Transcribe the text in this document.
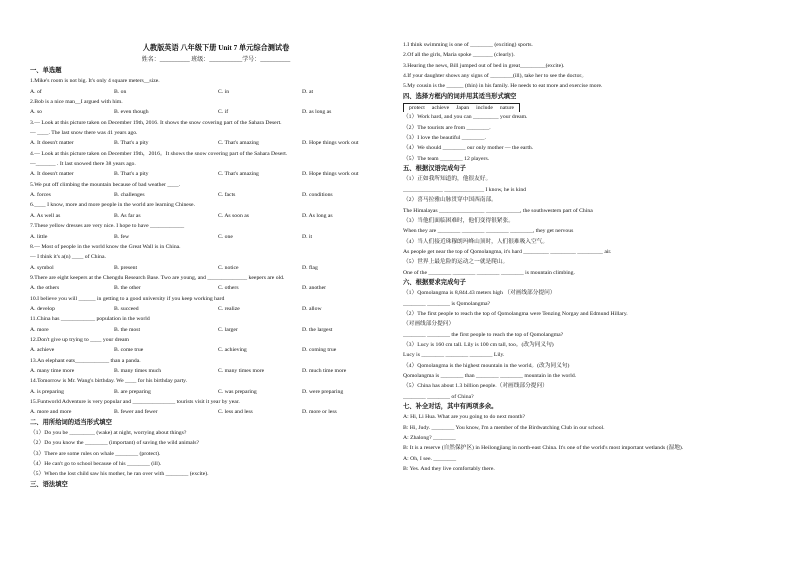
人教版英语 八年级下册 Unit 7 单元综合测试卷
姓名：__________ 班级：___________学号：__________
一、单选题
1.Mike's room is not big. It's only 4 square meters__size.
A. of	B. on	C. in	D. at
2.Bob is a nice man__I argued with him.
A. so	B. even though	C. if	D. as long as
3.— Look at this picture taken on December 19th, 2016. It shows the snow covering part of the Sahara Desert.
— ____. The last snow there was 41 years ago.
A. It doesn't matter	B. That's a pity	C. That's amazing	D. Hope things work out
4.— Look at this picture taken on December 19th，2016。It shows the snow covering part of the Sahara Desert.
—_______ . It last snowed there 38 years ago.
A. It doesn't matter	B. That's a pity	C. That's amazing	D. Hope things work out
5.We put off climbing the mountain because of bad weather ____.
A. forces	B. challenges	C. facts	D. conditions
6.____ I know, more and more people in the world are learning Chinese.
A. As well as	B. As far as	C. As soon as	D. As long as
7.These yellow dresses are very nice. I hope to have ____________
A. little	B. few	C. one	D. it
8.— Most of people in the world know the Great Wall is in China.
— I think it's a(n) ____ of China.
A. symbol	B. present	C. notice	D. flag
9.There are eight keepers at the Chengdu Research Base. Two are young, and ______________ keepers are old.
A. the others	B. the other	C. others	D. another
10.I believe you will ______ in getting to a good university if you keep working hard
A. develop	B. succeed	C. realize	D. allow
11.China has ____________ population in the world
A. more	B. the most	C. larger	D. the largest
12.Don't give up trying to ____ your dream
A. achieve	B. come true	C. achieving	D. coming true
13.An elephant eats____________ than a panda.
A. many time more	B. many times much	C. many times more	D. much time more
14.Tomorrow is Mr. Wang's birthday. We ____ for his birthday party.
A. is preparing	B. are preparing	C. was preparing	D. were preparing
15.Funtworld Adventure is very popular and _______________ tourists visit it year by year.
A. more and more	B. fewer and fewer	C. less and less	D. more or less
二、用所给词的适当形式填空
（1）Do you be _________ (wake) at night, worrying about things?
（2）Do you know the ________ (important) of saving the wild animals?
（3）There are some rules on whale ________ (protect).
（4）He can't go to school because of his ________ (ill).
（5）When the lost child saw his mother, he ran over with ________ (excite).
三、语法填空
1.I think swimming is one of ________ (exciting) sports.
2.Of all the girls, Maria spoke _______ (clearly).
3.Hearing the news, Bill jumped out of bed in great_________(excite).
4.If your daughter shows any signs of ________(ill), take her to see the doctor。
5.My cousin is the ______ (thin) in his family. He needs to eat more and exercise more.
四、选择方框内的词并用其适当形式填空
protect achieve Japan include nature
（1）Work hard, and you can _________ your dream.
（2）The tourists are from ________.
（3）I love the beautiful ________.
（4）We should ________ our only mother — the earth.
（5）The team ________ 12 players.
五、根据汉语完成句子
（1）正如我所知道的，他很友好。
______________ ______________ I know, he is kind
（2）喜马拉雅山脉贯穿中国西南部。
The Himalayas ________________ ____________, the southwestern part of China
（3）当他们面临困难时，他们变得很紧张。
When they are ________ ________ ________ ________, they get nervous
（4）当人们接近珠穆朗玛峰山顶时，人们很难吸入空气。
As people get near the top of Qomolangma, it's hard _________ _________ _________ air.
（5）世界上最危险的运动之一就是爬山。
One of the ________ ________ ________ ________ is mountain climbing.
六、根据要求完成句子
（1）Qomolangma is 8,844.43 meters high （对画线部分提问）
________ ________ is Qomolangma?
（2）The first people to reach the top of Qomolangma were Tenzing Norgay and Edmund Hillary.
（对画线部分提问）
________ ________ the first people to reach the top of Qomolangma?
（3）Lucy is 160 cm tall. Lily is 100 cm tall, too。(改为同义句)
Lucy is ________ ________ ________ Lily.
（4）Qomolangma is the highest mountain in the world。(改为同义句)
Qomolangma is ________ than ________ ________ mountain in the world.
（5）China has about 1.3 billion people.（对画线部分提问）
________ ________ of China?
七、补全对话，其中有两项多余。
A: Hi, Li Hua. What are you going to do next month?
B: Hi, Judy. ________ You know, I'm a member of the Birdwatching Club in our school.
A: Zhalong? ________
B: It is a reserve (自然保护区) in Heilongjiang in north-east China. It's one of the world's most important wetlands (湿地).
A: Oh, I see. ________
B: Yes. And they live comfortably there.
